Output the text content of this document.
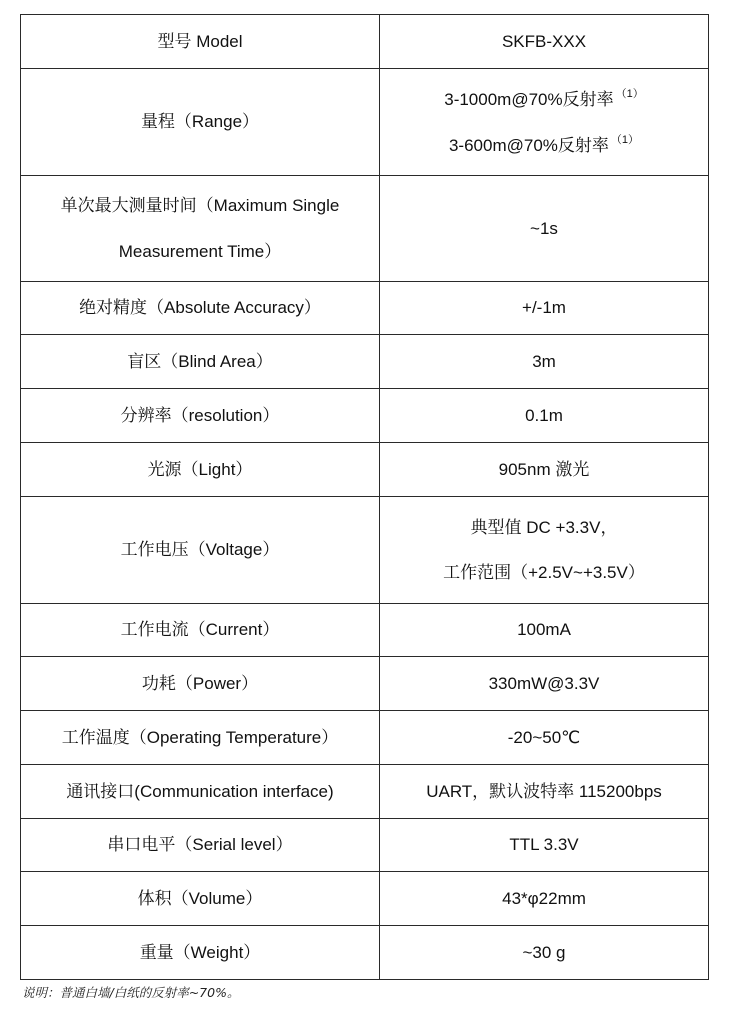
型号 Model	SKFB-XXX

量程（Range）	3-1000m@70%反射率 $^{(1)}$
3-600m@70%反射率 $^{(1)}$

单次最大测量时间（Maximum Single
Measurement Time）	~1s

绝对精度（Absolute Accuracy）	+/-1m

盲区（Blind Area）	3m

分辨率（resolution）	0.1m

光源（Light）	905nm 激光

工作电压（Voltage）	典型值 DC +3.3V，
工作范围（+2.5V~+3.5V）

工作电流（Current）	100mA

功耗（Power）	330mW@3.3V

工作温度（Operating Temperature）	-20~50℃

通讯接口(Communication interface)	UART，默认波特率 115200bps

串口电平（Serial level）	TTL 3.3V

体积（Volume）	43*φ22mm

重量（Weight）	~30 g
说明：普通白墙/白纸的反射率~70%。
